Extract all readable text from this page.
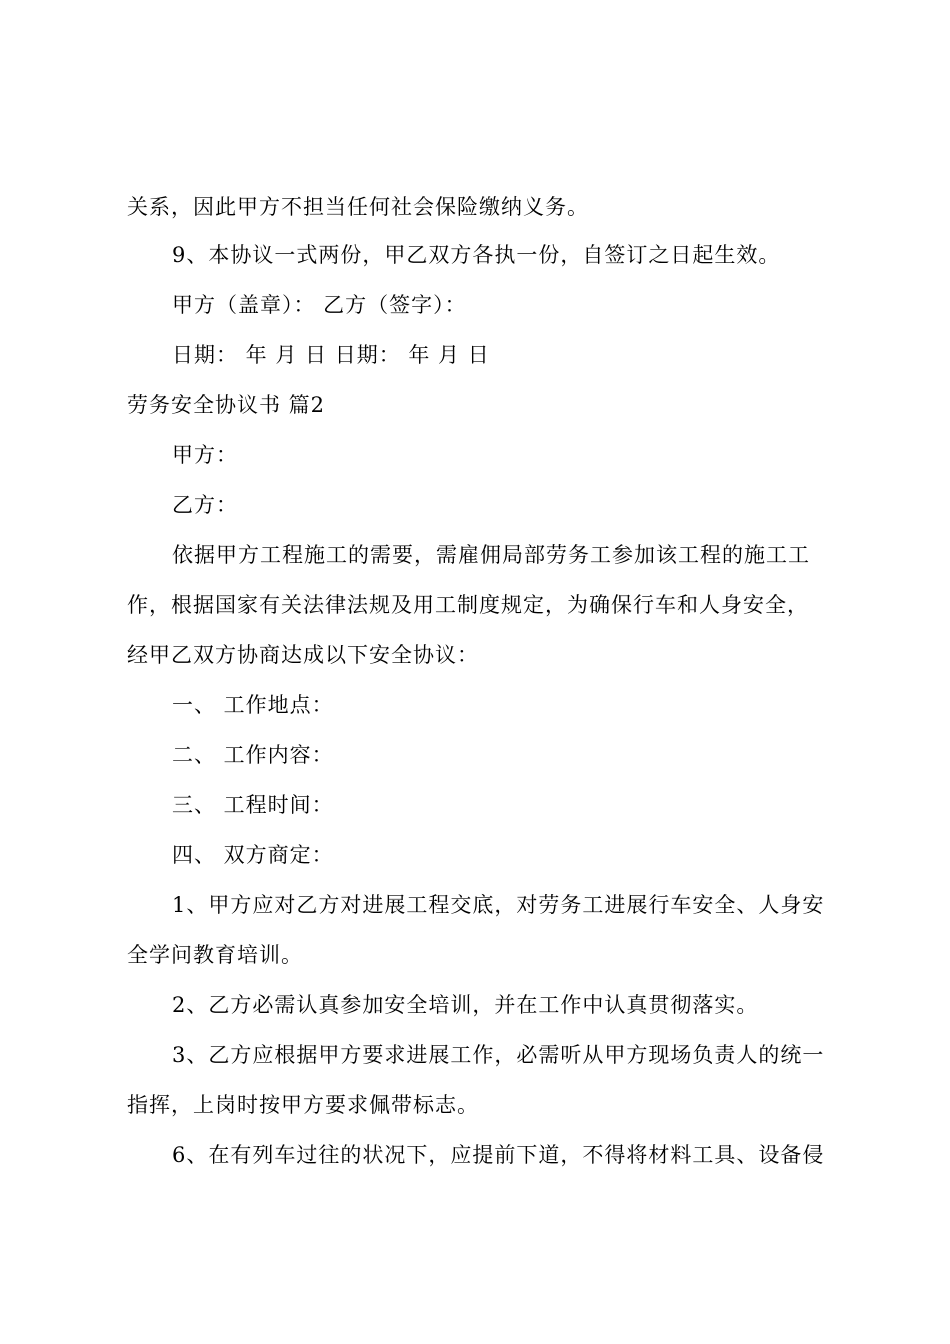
关系，因此甲方不担当任何社会保险缴纳义务。
9、本协议一式两份，甲乙双方各执一份，自签订之日起生效。
甲方（盖章）： 乙方（签字）：
日期： 年 月 日 日期： 年 月 日
劳务安全协议书 篇2
甲方：
乙方：
依据甲方工程施工的需要，需雇佣局部劳务工参加该工程的施工工
作，根据国家有关法律法规及用工制度规定，为确保行车和人身安全，
经甲乙双方协商达成以下安全协议：
一、 工作地点：
二、 工作内容：
三、 工程时间：
四、 双方商定：
1、甲方应对乙方对进展工程交底，对劳务工进展行车安全、人身安
全学问教育培训。
2、乙方必需认真参加安全培训，并在工作中认真贯彻落实。
3、乙方应根据甲方要求进展工作，必需听从甲方现场负责人的统一
指挥，上岗时按甲方要求佩带标志。
6、在有列车过往的状况下，应提前下道，不得将材料工具、设备侵
